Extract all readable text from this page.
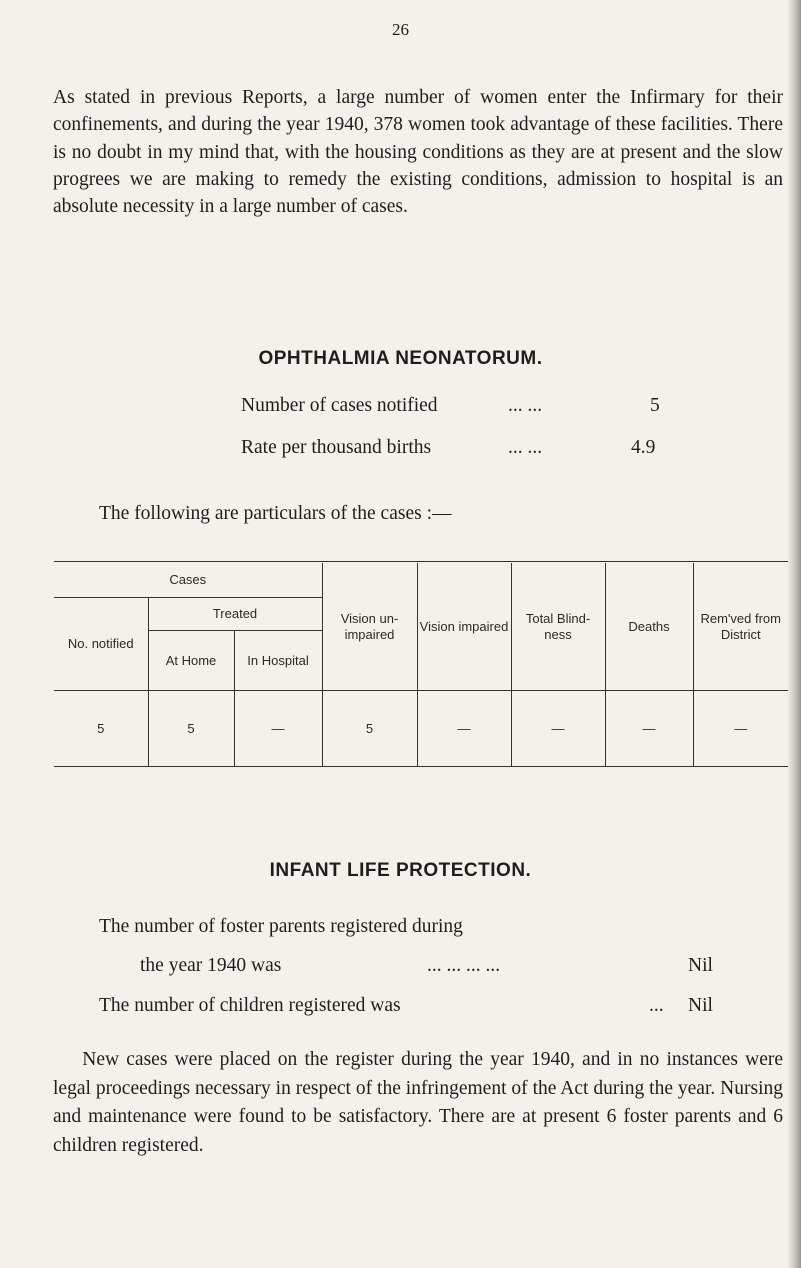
26

As stated in previous Reports, a large number of women enter the Infirmary for their confinements, and during the year 1940, 378 women took advantage of these facilities. There is no doubt in my mind that, with the housing conditions as they are at present and the slow progrees we are making to remedy the existing conditions, admission to hospital is an absolute necessity in a large number of cases.

OPHTHALMIA NEONATORUM.
Number of cases notified	... ...	5
Rate per thousand births	... ...	4.9
The following are particulars of the cases :—
Cases			Vision un- impaired	Vision impaired	Total Blind- ness	Deaths	Rem'ved from District
No. notified	Treated						
	At Home	In Hospital					
5	5	—	5	—	—	—	—
INFANT LIFE PROTECTION.
The number of foster parents registered during
the year 1940 was	... ... ... ...	Nil
The number of children registered was	... Nil

New cases were placed on the register during the year 1940, and in no instances were legal proceedings necessary in respect of the infringement of the Act during the year. Nursing and maintenance were found to be satisfactory. There are at present 6 foster parents and 6 children registered.
